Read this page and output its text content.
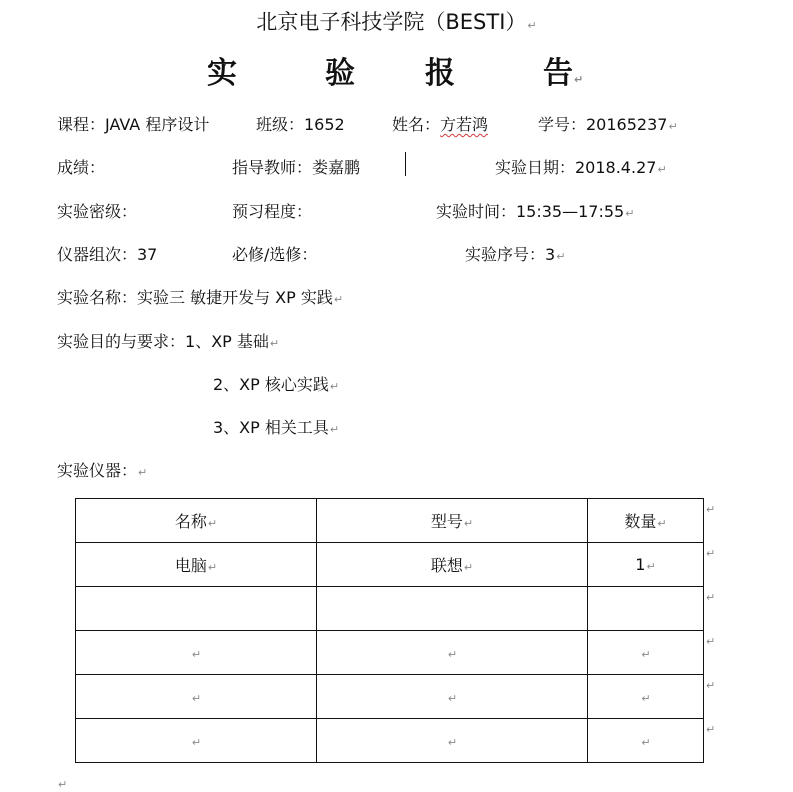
北京电子科技学院（BESTI）↵
实	验 报	告↵
课程：JAVA 程序设计	班级：1652	姓名：方若鸿	学号：20165237↵
成绩：	指导教师：娄嘉鹏	实验日期：2018.4.27↵
实验密级：	预习程度：	实验时间：15:35—17:55↵
仪器组次：37	必修/选修：	实验序号：3↵
实验名称：实验三 敏捷开发与 XP 实践↵
实验目的与要求：1、XP 基础↵
2、XP 核心实践↵
3、XP 相关工具↵
实验仪器：↵
名称↵	型号↵	数量↵
电脑↵	联想↵	1↵

↵	↵	↵
↵	↵	↵
↵	↵	↵
↵
↵
↵
↵
↵
↵
↵
